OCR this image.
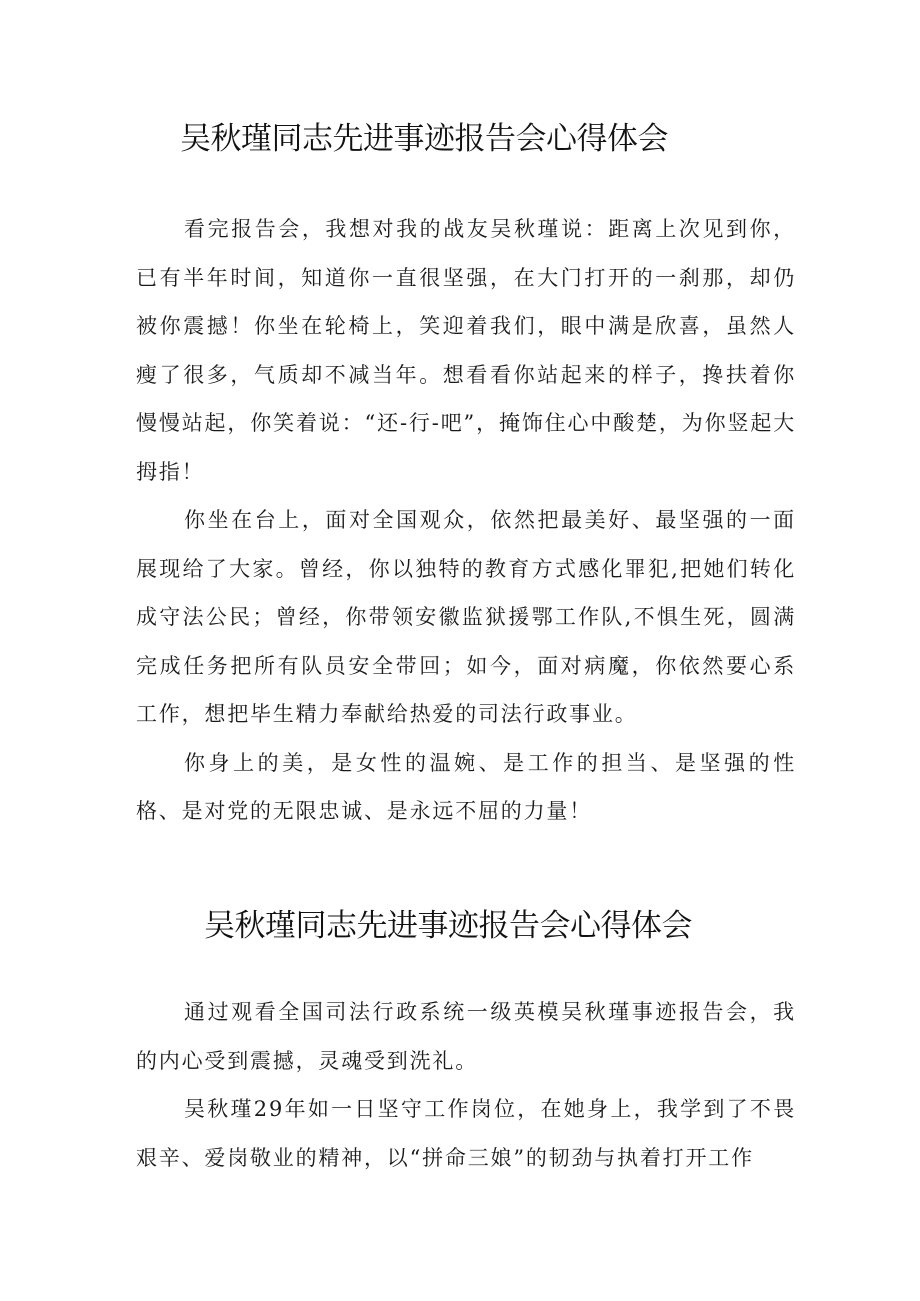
吴秋瑾同志先进事迹报告会心得体会

看完报告会，我想对我的战友吴秋瑾说：距离上次见到你，已有半年时间，知道你一直很坚强，在大门打开的一刹那，却仍被你震撼！你坐在轮椅上，笑迎着我们，眼中满是欣喜，虽然人瘦了很多，气质却不减当年。想看看你站起来的样子，搀扶着你慢慢站起，你笑着说：“还-行-吧”，掩饰住心中酸楚，为你竖起大拇指！

你坐在台上，面对全国观众，依然把最美好、最坚强的一面展现给了大家。曾经，你以独特的教育方式感化罪犯,把她们转化成守法公民；曾经，你带领安徽监狱援鄂工作队,不惧生死，圆满完成任务把所有队员安全带回；如今，面对病魔，你依然要心系工作，想把毕生精力奉献给热爱的司法行政事业。

你身上的美，是女性的温婉、是工作的担当、是坚强的性格、是对党的无限忠诚、是永远不屈的力量！

吴秋瑾同志先进事迹报告会心得体会

通过观看全国司法行政系统一级英模吴秋瑾事迹报告会，我的内心受到震撼，灵魂受到洗礼。

吴秋瑾29年如一日坚守工作岗位，在她身上，我学到了不畏艰辛、爱岗敬业的精神，以“拼命三娘”的韧劲与执着打开工作
